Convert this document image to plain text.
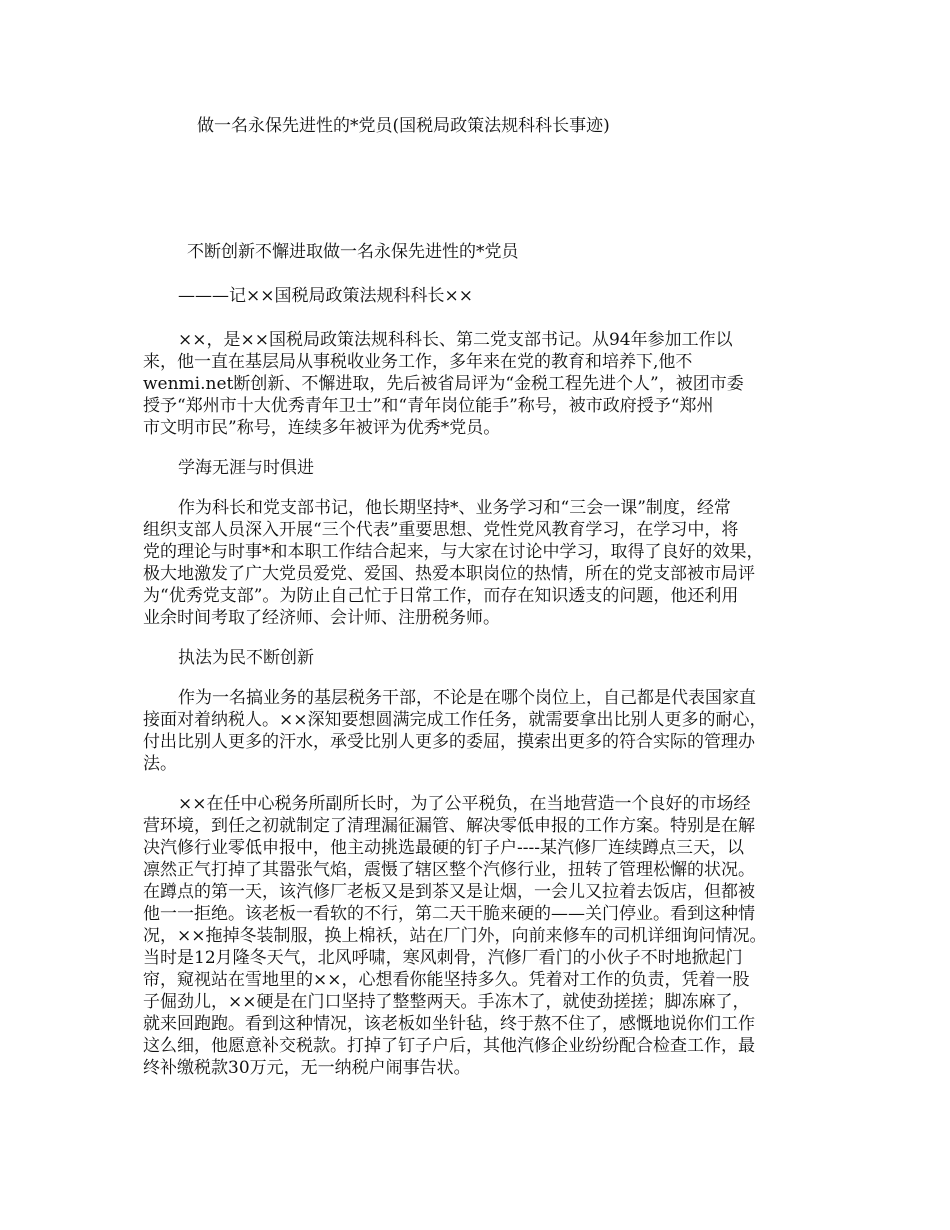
做一名永保先进性的*党员(国税局政策法规科科长事迹)
不断创新不懈进取做一名永保先进性的*党员
———记××国税局政策法规科科长××
××，是××国税局政策法规科科长、第二党支部书记。从94年参加工作以
来，他一直在基层局从事税收业务工作，多年来在党的教育和培养下,他不
wenmi.net断创新、不懈进取，先后被省局评为“金税工程先进个人”，被团市委
授予“郑州市十大优秀青年卫士”和“青年岗位能手”称号，被市政府授予“郑州
市文明市民”称号，连续多年被评为优秀*党员。
学海无涯与时俱进
作为科长和党支部书记，他长期坚持*、业务学习和“三会一课”制度，经常
组织支部人员深入开展“三个代表”重要思想、党性党风教育学习，在学习中，将
党的理论与时事*和本职工作结合起来，与大家在讨论中学习，取得了良好的效果，
极大地激发了广大党员爱党、爱国、热爱本职岗位的热情，所在的党支部被市局评
为“优秀党支部”。为防止自己忙于日常工作，而存在知识透支的问题，他还利用
业余时间考取了经济师、会计师、注册税务师。
执法为民不断创新
作为一名搞业务的基层税务干部，不论是在哪个岗位上，自己都是代表国家直
接面对着纳税人。××深知要想圆满完成工作任务，就需要拿出比别人更多的耐心，
付出比别人更多的汗水，承受比别人更多的委屈，摸索出更多的符合实际的管理办
法。
××在任中心税务所副所长时，为了公平税负，在当地营造一个良好的市场经
营环境，到任之初就制定了清理漏征漏管、解决零低申报的工作方案。特别是在解
决汽修行业零低申报中，他主动挑选最硬的钉子户----某汽修厂连续蹲点三天，以
凛然正气打掉了其嚣张气焰，震慑了辖区整个汽修行业，扭转了管理松懈的状况。
在蹲点的第一天，该汽修厂老板又是到茶又是让烟，一会儿又拉着去饭店，但都被
他一一拒绝。该老板一看软的不行，第二天干脆来硬的——关门停业。看到这种情
况，××拖掉冬装制服，换上棉袄，站在厂门外，向前来修车的司机详细询问情况。
当时是12月隆冬天气，北风呼啸，寒风刺骨，汽修厂看门的小伙子不时地掀起门
帘，窥视站在雪地里的××，心想看你能坚持多久。凭着对工作的负责，凭着一股
子倔劲儿，××硬是在门口坚持了整整两天。手冻木了，就使劲搓搓；脚冻麻了，
就来回跑跑。看到这种情况，该老板如坐针毡，终于熬不住了，感慨地说你们工作
这么细，他愿意补交税款。打掉了钉子户后，其他汽修企业纷纷配合检查工作，最
终补缴税款30万元，无一纳税户闹事告状。
